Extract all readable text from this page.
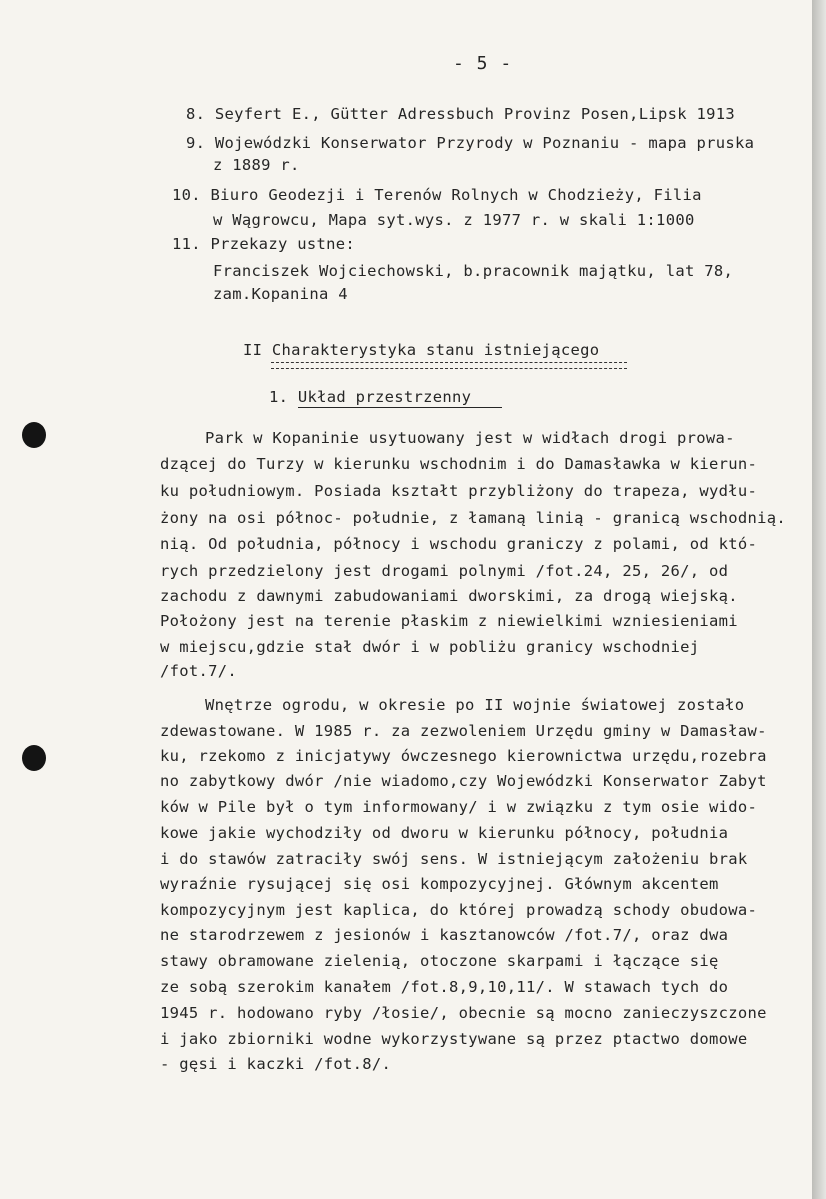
- 5 -
8. Seyfert E., Gütter Adressbuch Provinz Posen,Lipsk 1913
9. Wojewódzki Konserwator Przyrody w Poznaniu - mapa pruska
z 1889 r.
10. Biuro Geodezji i Terenów Rolnych w Chodzieży, Filia
w Wągrowcu, Mapa syt.wys. z 1977 r. w skali 1:1000
11. Przekazy ustne:
Franciszek Wojciechowski, b.pracownik majątku, lat 78,
zam.Kopanina 4
II Charakterystyka stanu istniejącego
1. Układ przestrzenny
Park w Kopaninie usytuowany jest w widłach drogi prowa-
dzącej do Turzy w kierunku wschodnim i do Damasławka w kierun-
ku południowym. Posiada kształt przybliżony do trapeza, wydłu-
żony na osi północ- południe, z łamaną linią - granicą wschodnią.
nią. Od południa, północy i wschodu graniczy z polami, od któ-
rych przedzielony jest drogami polnymi /fot.24, 25, 26/, od
zachodu z dawnymi zabudowaniami dworskimi, za drogą wiejską.
Położony jest na terenie płaskim z niewielkimi wzniesieniami
w miejscu,gdzie stał dwór i w pobliżu granicy wschodniej
/fot.7/.
Wnętrze ogrodu, w okresie po II wojnie światowej zostało
zdewastowane. W 1985 r. za zezwoleniem Urzędu gminy w Damasław-
ku, rzekomo z inicjatywy ówczesnego kierownictwa urzędu,rozebra
no zabytkowy dwór /nie wiadomo,czy Wojewódzki Konserwator Zabyt
ków w Pile był o tym informowany/ i w związku z tym osie wido-
kowe jakie wychodziły od dworu w kierunku północy, południa
i do stawów zatraciły swój sens. W istniejącym założeniu brak
wyraźnie rysującej się osi kompozycyjnej. Głównym akcentem
kompozycyjnym jest kaplica, do której prowadzą schody obudowa-
ne starodrzewem z jesionów i kasztanowców /fot.7/, oraz dwa
stawy obramowane zielenią, otoczone skarpami i łączące się
ze sobą szerokim kanałem /fot.8,9,10,11/. W stawach tych do
1945 r. hodowano ryby /łosie/, obecnie są mocno zanieczyszczone
i jako zbiorniki wodne wykorzystywane są przez ptactwo domowe
- gęsi i kaczki /fot.8/.
